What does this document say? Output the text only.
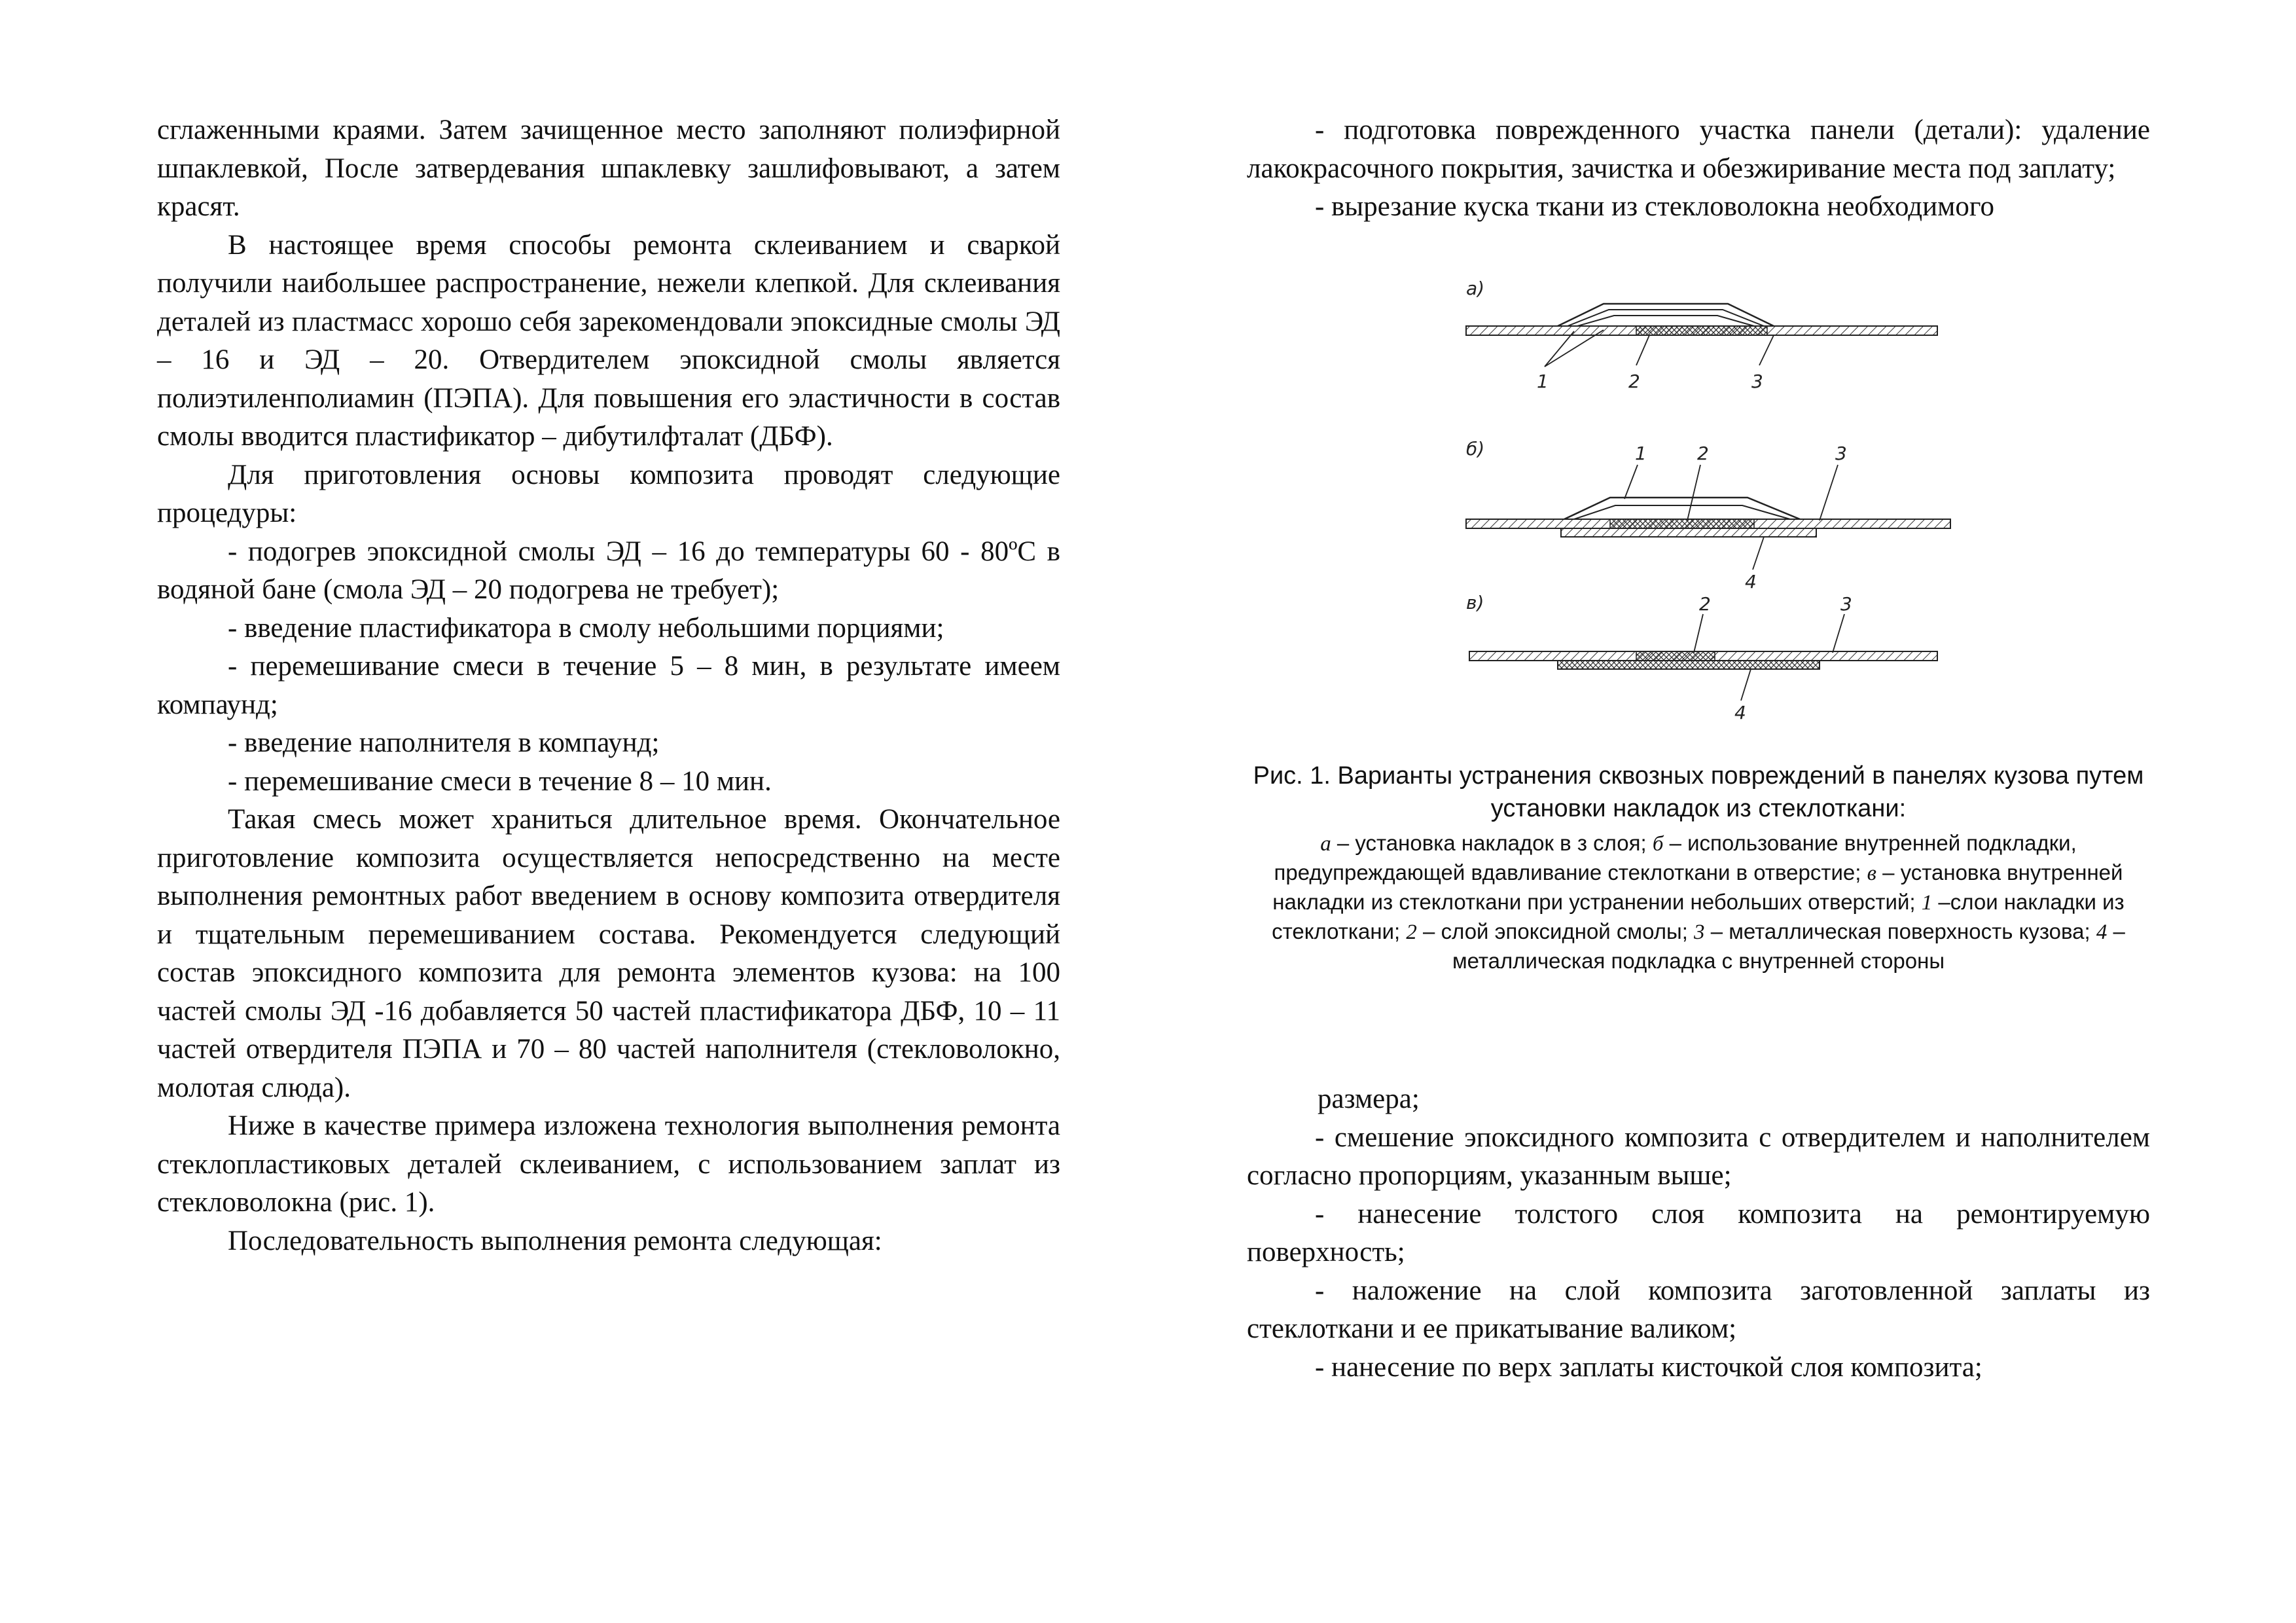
сглаженными краями. Затем зачищенное место заполняют полиэфирной шпаклевкой, После затвердевания шпаклевку зашлифовывают, а затем красят.

В настоящее время способы ремонта склеиванием и сваркой получили наибольшее распространение, нежели клепкой. Для склеивания деталей из пластмасс хорошо себя зарекомендовали эпоксидные смолы ЭД – 16 и ЭД – 20. Отвердителем эпоксидной смолы является полиэтиленполиамин (ПЭПА). Для повышения его эластичности в состав смолы вводится пластификатор – дибутилфталат (ДБФ).

Для приготовления основы композита проводят следующие процедуры:

- подогрев эпоксидной смолы ЭД – 16 до температуры 60 - 80ºС в водяной бане (смола ЭД – 20 подогрева не требует);

- введение пластификатора в смолу небольшими порциями;

- перемешивание смеси в течение 5 – 8 мин, в результате имеем компаунд;

- введение наполнителя в компаунд;

- перемешивание смеси в течение 8 – 10 мин.

Такая смесь может храниться длительное время. Окончательное приготовление композита осуществляется непосредственно на месте выполнения ремонтных работ введением в основу композита отвердителя и тщательным перемешиванием состава. Рекомендуется следующий состав эпоксидного композита для ремонта элементов кузова: на 100 частей смолы ЭД -16 добавляется 50 частей пластификатора ДБФ, 10 – 11 частей отвердителя ПЭПА и 70 – 80 частей наполнителя (стекловолокно, молотая слюда).

Ниже в качестве примера изложена технология выполнения ремонта стеклопластиковых деталей склеиванием, с использованием заплат из стекловолокна (рис. 1).

Последовательность выполнения ремонта следующая:

- подготовка поврежденного участка панели (детали): удаление лакокрасочного покрытия, зачистка и обезжиривание места под заплату;

- вырезание куска ткани из стекловолокна необходимого

а)
1	2	3
б)	1	2	3
4
в)	2	3
4

Рис. 1. Варианты устранения сквозных повреждений в панелях кузова путем установки накладок из стеклоткани:

а – установка накладок в з слоя; б – использование внутренней подкладки, предупреждающей вдавливание стеклоткани в отверстие; в – установка внутренней накладки из стеклоткани при устранении небольших отверстий; 1 –слои накладки из стеклоткани; 2 – слой эпоксидной смолы; 3 – металлическая поверхность кузова; 4 – металлическая подкладка с внутренней стороны

размера;

- смешение эпоксидного композита с отвердителем и наполнителем согласно пропорциям, указанным выше;

- нанесение толстого слоя композита на ремонтируемую поверхность;

- наложение на слой композита заготовленной заплаты из стеклоткани и ее прикатывание валиком;

- нанесение по верх заплаты кисточкой слоя композита;
